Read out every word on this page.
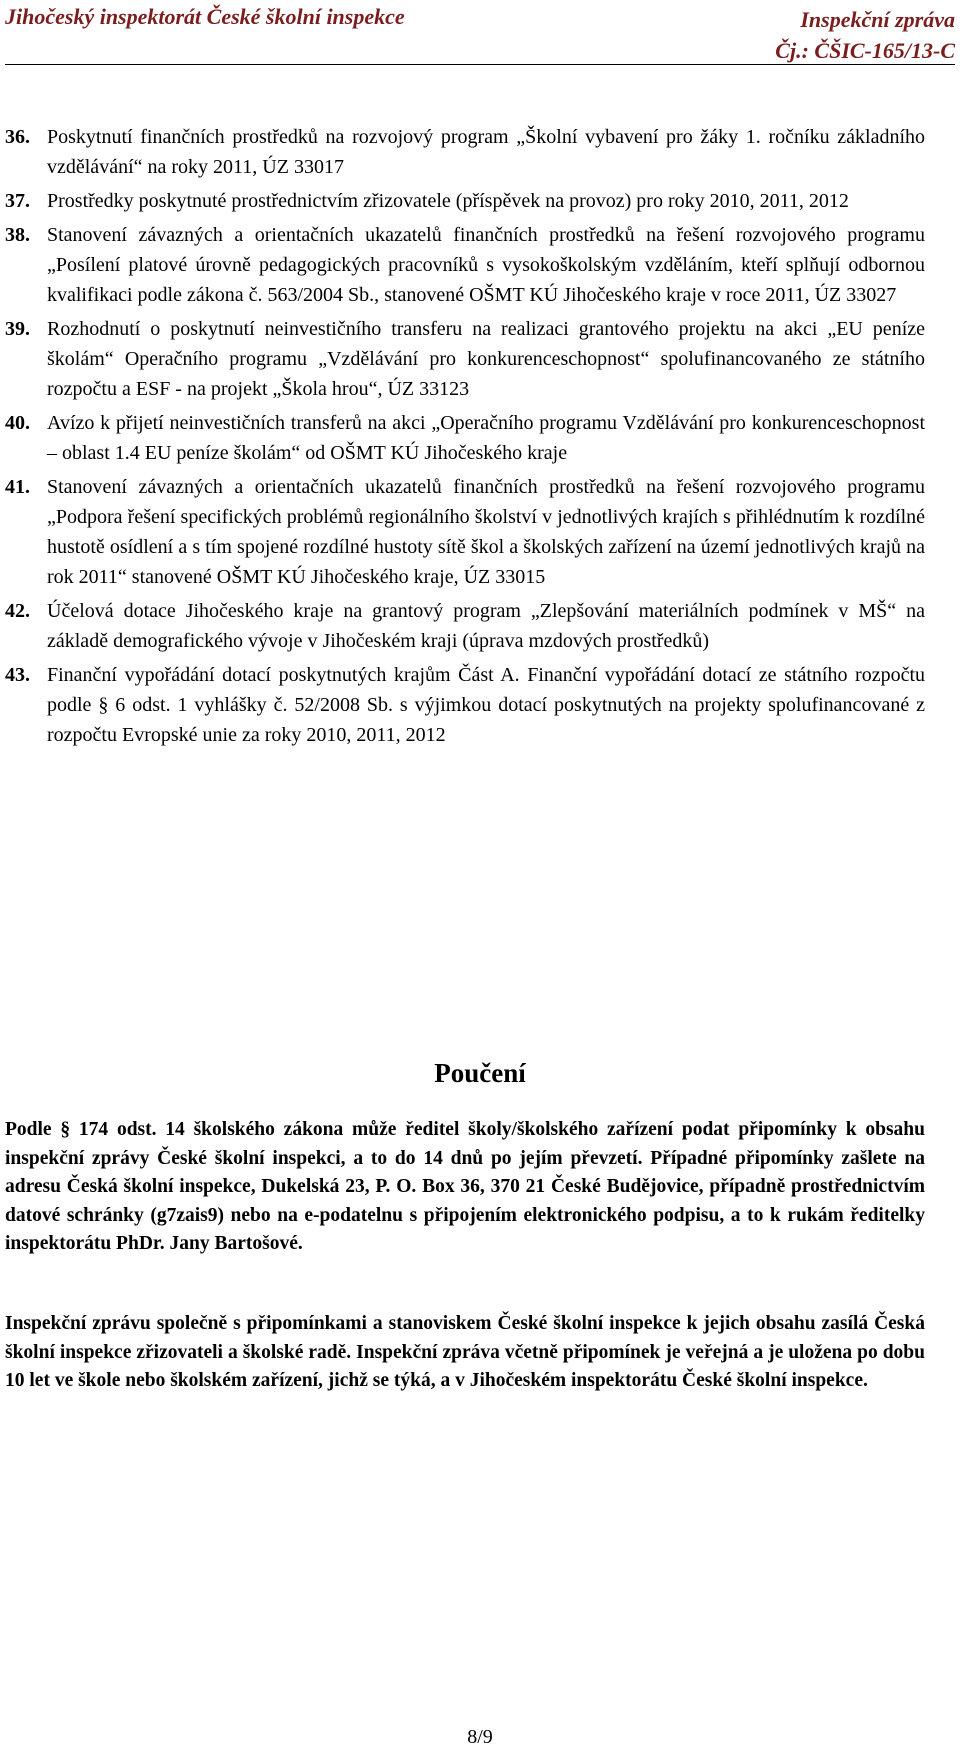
Jihočeský inspektorát České školní inspekce	Inspekční zpráva
Čj.: ČŠIC-165/13-C
36. Poskytnutí finančních prostředků na rozvojový program „Školní vybavení pro žáky 1. ročníku základního vzdělávání“ na roky 2011, ÚZ 33017
37. Prostředky poskytnuté prostřednictvím zřizovatele (příspěvek na provoz) pro roky 2010, 2011, 2012
38. Stanovení závazných a orientačních ukazatelů finančních prostředků na řešení rozvojového programu „Posílení platové úrovně pedagogických pracovníků s vysokoškolským vzděláním, kteří splňují odbornou kvalifikaci podle zákona č. 563/2004 Sb., stanovené OŠMT KÚ Jihočeského kraje v roce 2011, ÚZ 33027
39. Rozhodnutí o poskytnutí neinvestičního transferu na realizaci grantového projektu na akci „EU peníze školám“ Operačního programu „Vzdělávání pro konkurenceschopnost“ spolufinancovaného ze státního rozpočtu a ESF - na projekt „Škola hrou“, ÚZ 33123
40. Avízo k přijetí neinvestičních transferů na akci „Operačního programu Vzdělávání pro konkurenceschopnost – oblast 1.4 EU peníze školám“ od OŠMT KÚ Jihočeského kraje
41. Stanovení závazných a orientačních ukazatelů finančních prostředků na řešení rozvojového programu „Podpora řešení specifických problémů regionálního školství v jednotlivých krajích s přihlédnutím k rozdílné hustotě osídlení a s tím spojené rozdílné hustoty sítě škol a školských zařízení na území jednotlivých krajů na rok 2011“ stanovené OŠMT KÚ Jihočeského kraje, ÚZ 33015
42. Účelová dotace Jihočeského kraje na grantový program „Zlepšování materiálních podmínek v MŠ“ na základě demografického vývoje v Jihočeském kraji (úprava mzdových prostředků)
43. Finanční vypořádání dotací poskytnutých krajům Část A. Finanční vypořádání dotací ze státního rozpočtu podle § 6 odst. 1 vyhlášky č. 52/2008 Sb. s výjimkou dotací poskytnutých na projekty spolufinancované z rozpočtu Evropské unie za roky 2010, 2011, 2012
Poučení

Podle § 174 odst. 14 školského zákona může ředitel školy/školského zařízení podat připomínky k obsahu inspekční zprávy České školní inspekci, a to do 14 dnů po jejím převzetí. Případné připomínky zašlete na adresu Česká školní inspekce, Dukelská 23, P. O. Box 36, 370 21 České Budějovice, případně prostřednictvím datové schránky (g7zais9) nebo na e-podatelnu s připojením elektronického podpisu, a to k rukám ředitelky inspektorátu PhDr. Jany Bartošové.

Inspekční zprávu společně s připomínkami a stanoviskem České školní inspekce k jejich obsahu zasílá Česká školní inspekce zřizovateli a školské radě. Inspekční zpráva včetně připomínek je veřejná a je uložena po dobu 10 let ve škole nebo školském zařízení, jichž se týká, a v Jihočeském inspektorátu České školní inspekce.

8/9
